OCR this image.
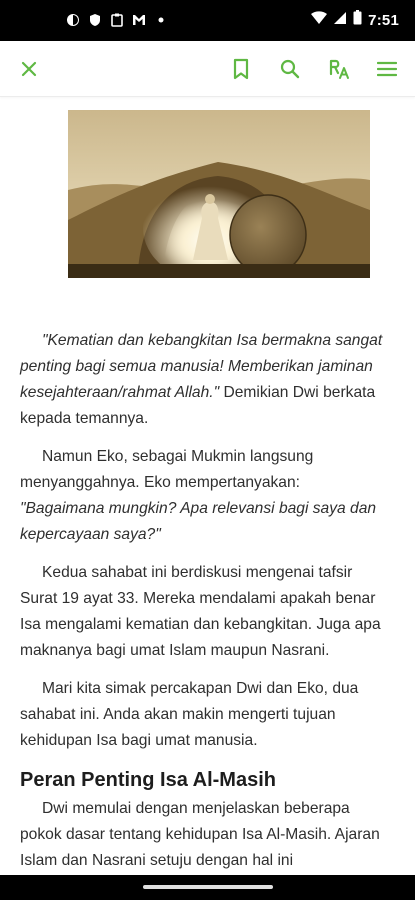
7:51

"Kematian dan kebangkitan Isa bermakna sangat penting bagi semua manusia! Memberikan jaminan kesejahteraan/rahmat Allah." Demikian Dwi berkata kepada temannya.

Namun Eko, sebagai Mukmin langsung menyanggahnya. Eko mempertanyakan: "Bagaimana mungkin? Apa relevansi bagi saya dan kepercayaan saya?"

Kedua sahabat ini berdiskusi mengenai tafsir Surat 19 ayat 33. Mereka mendalami apakah benar Isa mengalami kematian dan kebangkitan. Juga apa maknanya bagi umat Islam maupun Nasrani.

Mari kita simak percakapan Dwi dan Eko, dua sahabat ini. Anda akan makin mengerti tujuan kehidupan Isa bagi umat manusia.

Peran Penting Isa Al-Masih

Dwi memulai dengan menjelaskan beberapa pokok dasar tentang kehidupan Isa Al-Masih. Ajaran Islam dan Nasrani setuju dengan hal ini
